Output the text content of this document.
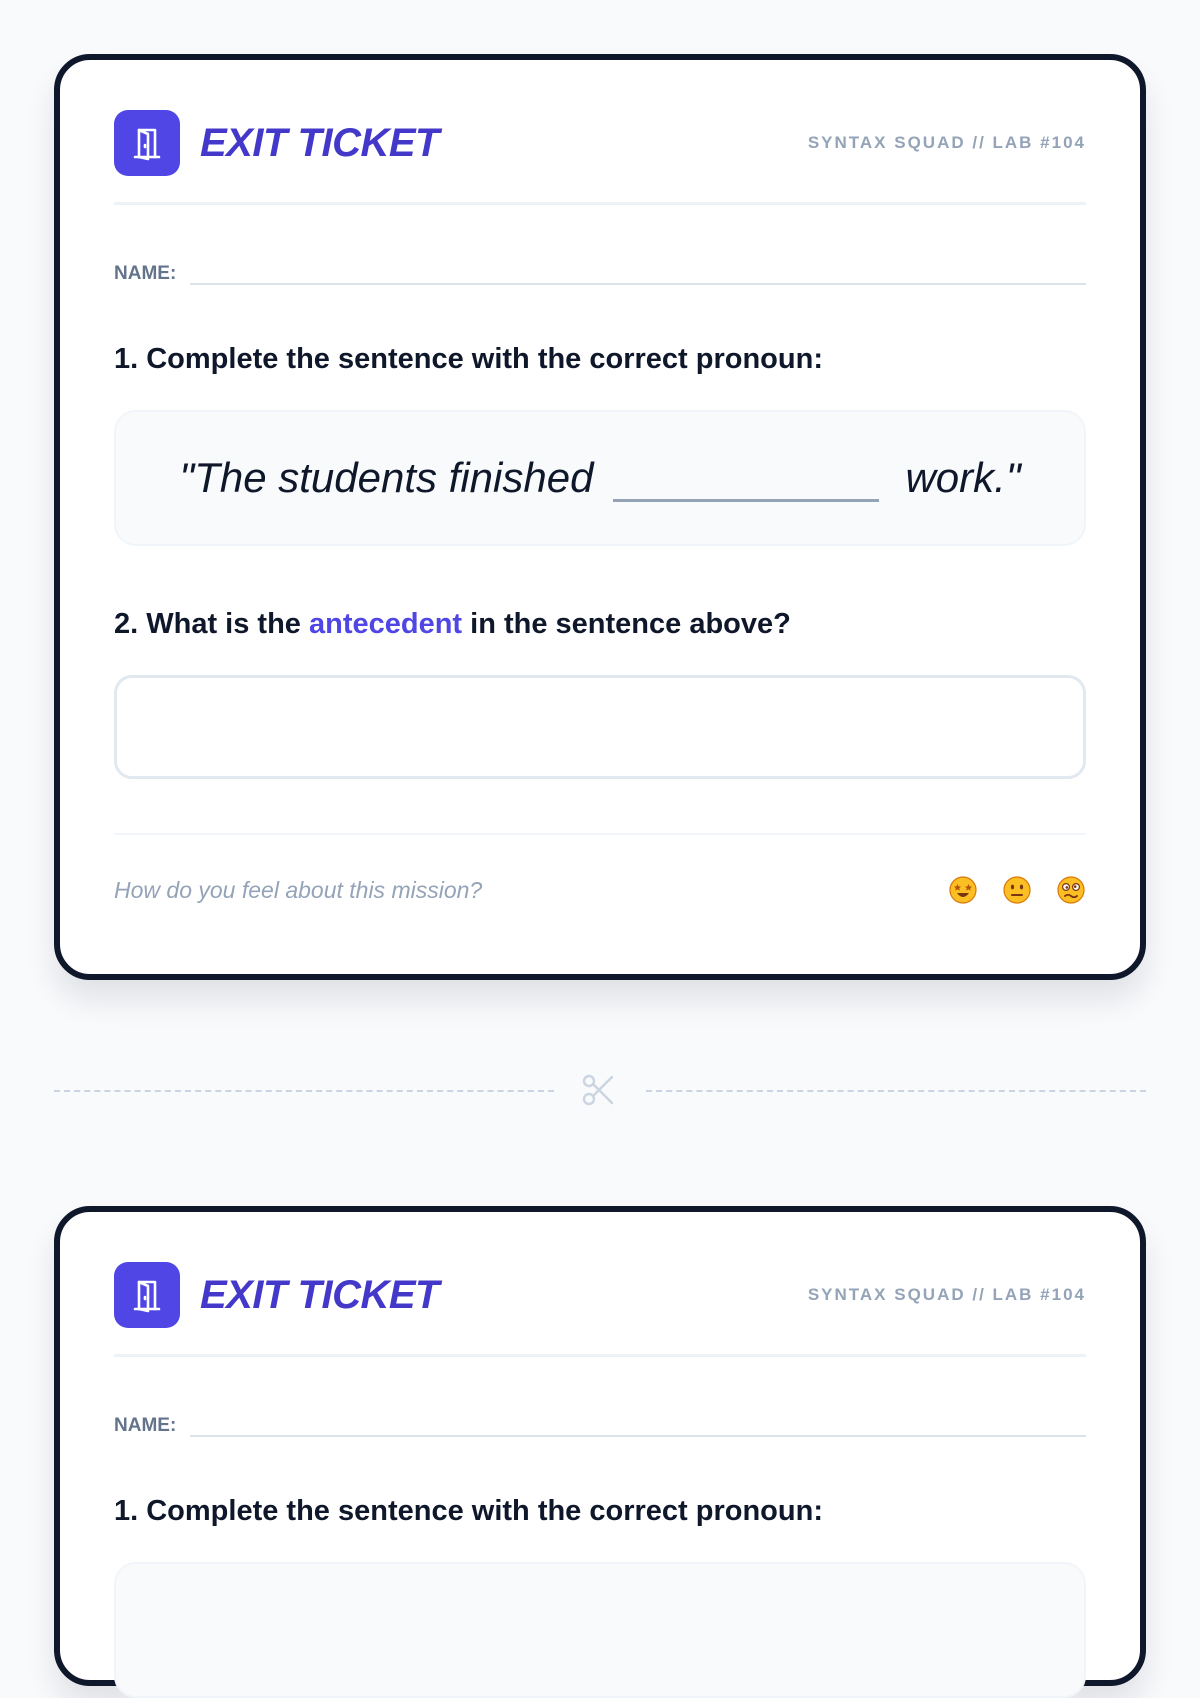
EXIT TICKET	SYNTAX SQUAD // LAB #104
NAME:
1. Complete the sentence with the correct pronoun:
"The students finished	work."
2. What is the antecedent in the sentence above?
How do you feel about this mission?
EXIT TICKET	SYNTAX SQUAD // LAB #104
NAME:
1. Complete the sentence with the correct pronoun:
